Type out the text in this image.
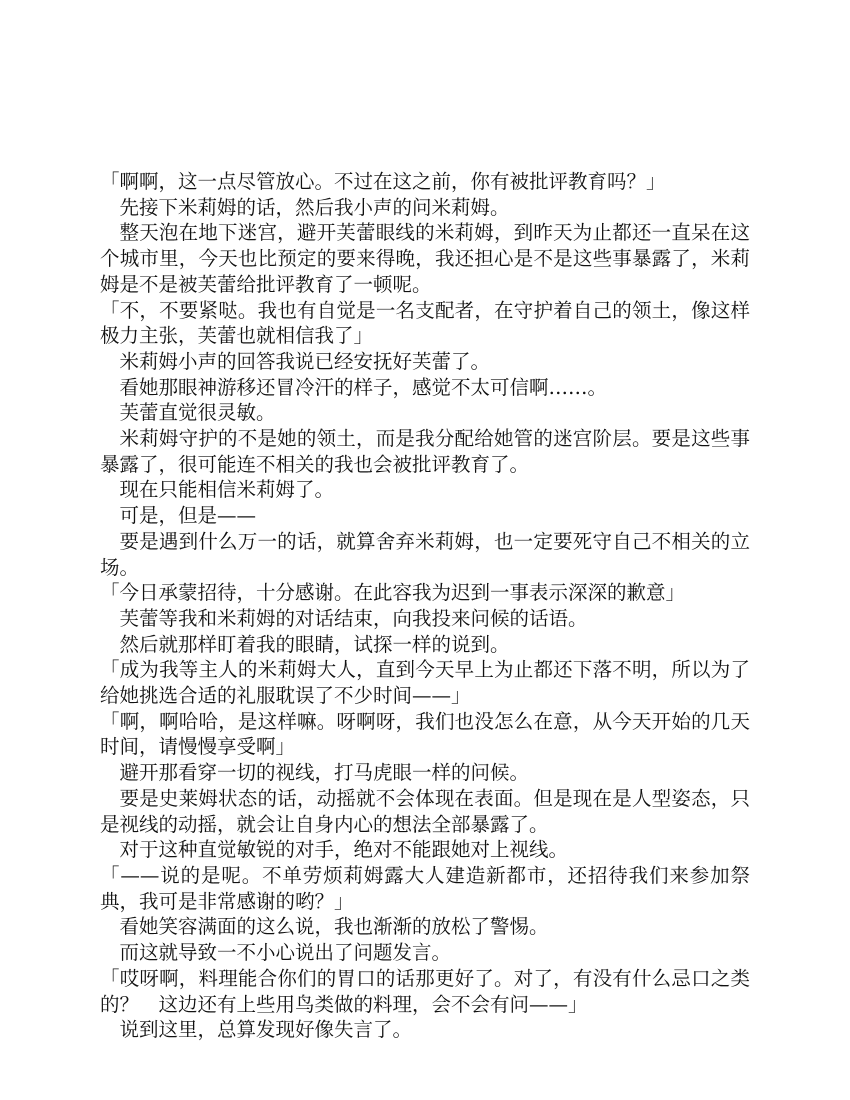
「啊啊，这一点尽管放心。不过在这之前，你有被批评教育吗？」

先接下米莉姆的话，然后我小声的问米莉姆。

整天泡在地下迷宫，避开芙蕾眼线的米莉姆，到昨天为止都还一直呆在这个城市里，今天也比预定的要来得晚，我还担心是不是这些事暴露了，米莉姆是不是被芙蕾给批评教育了一顿呢。

「不，不要紧哒。我也有自觉是一名支配者，在守护着自己的领土，像这样极力主张，芙蕾也就相信我了」

米莉姆小声的回答我说已经安抚好芙蕾了。

看她那眼神游移还冒冷汗的样子，感觉不太可信啊……。

芙蕾直觉很灵敏。

米莉姆守护的不是她的领土，而是我分配给她管的迷宫阶层。要是这些事暴露了，很可能连不相关的我也会被批评教育了。

现在只能相信米莉姆了。

可是，但是——

要是遇到什么万一的话，就算舍弃米莉姆，也一定要死守自己不相关的立场。

「今日承蒙招待，十分感谢。在此容我为迟到一事表示深深的歉意」

芙蕾等我和米莉姆的对话结束，向我投来问候的话语。

然后就那样盯着我的眼睛，试探一样的说到。

「成为我等主人的米莉姆大人，直到今天早上为止都还下落不明，所以为了给她挑选合适的礼服耽误了不少时间——」

「啊，啊哈哈，是这样嘛。呀啊呀，我们也没怎么在意，从今天开始的几天时间，请慢慢享受啊」

避开那看穿一切的视线，打马虎眼一样的问候。

要是史莱姆状态的话，动摇就不会体现在表面。但是现在是人型姿态，只是视线的动摇，就会让自身内心的想法全部暴露了。

对于这种直觉敏锐的对手，绝对不能跟她对上视线。

「——说的是呢。不单劳烦莉姆露大人建造新都市，还招待我们来参加祭典，我可是非常感谢的哟？」

看她笑容满面的这么说，我也渐渐的放松了警惕。

而这就导致一不小心说出了问题发言。

「哎呀啊，料理能合你们的胃口的话那更好了。对了，有没有什么忌口之类的？　这边还有上些用鸟类做的料理，会不会有问——」

说到这里，总算发现好像失言了。
